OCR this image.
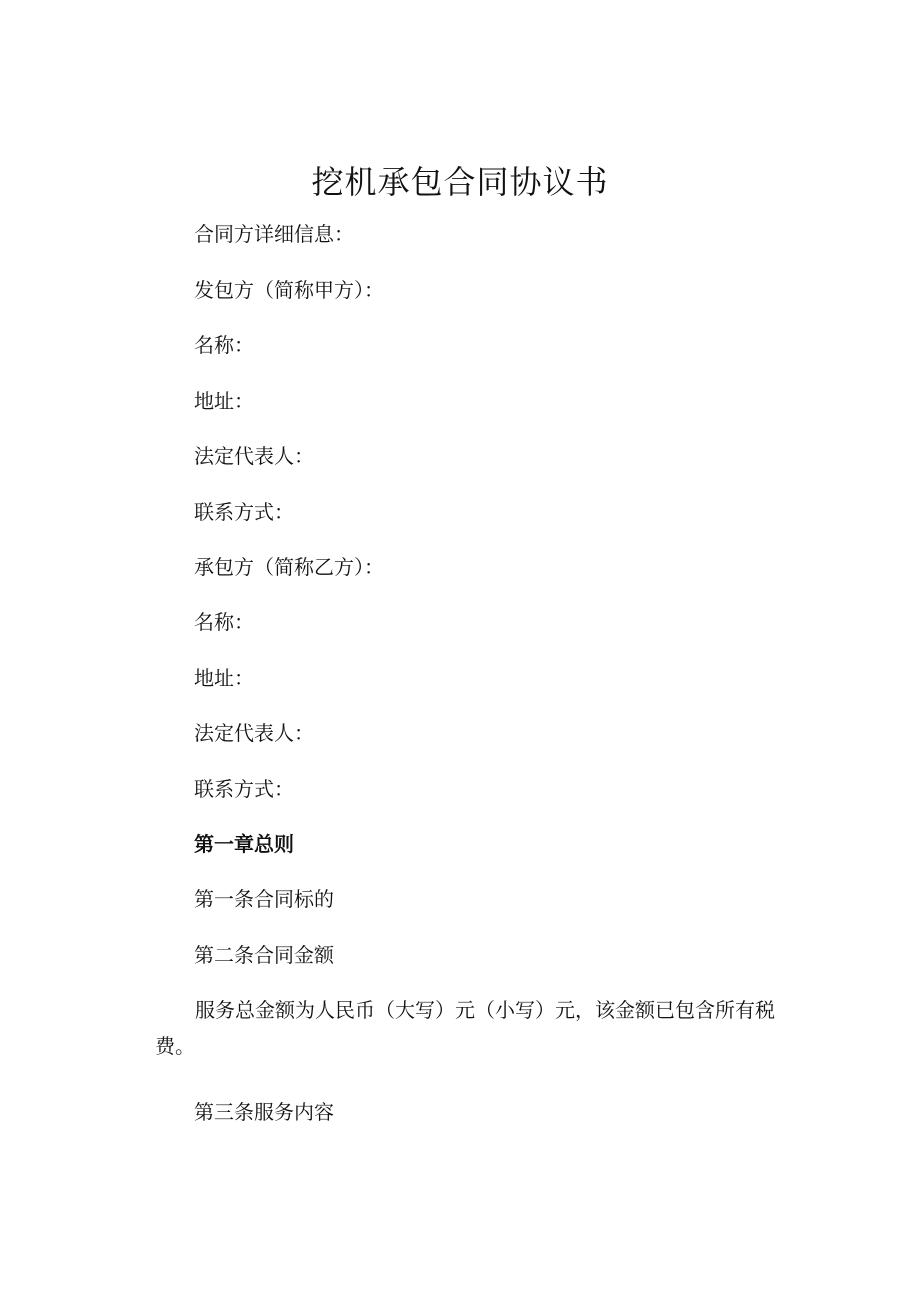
挖机承包合同协议书

合同方详细信息：

发包方（简称甲方）：

名称：

地址：

法定代表人：

联系方式：

承包方（简称乙方）：

名称：

地址：

法定代表人：

联系方式：

第一章总则

第一条合同标的

第二条合同金额

服务总金额为人民币（大写）元（小写）元，该金额已包含所有税费。

第三条服务内容
